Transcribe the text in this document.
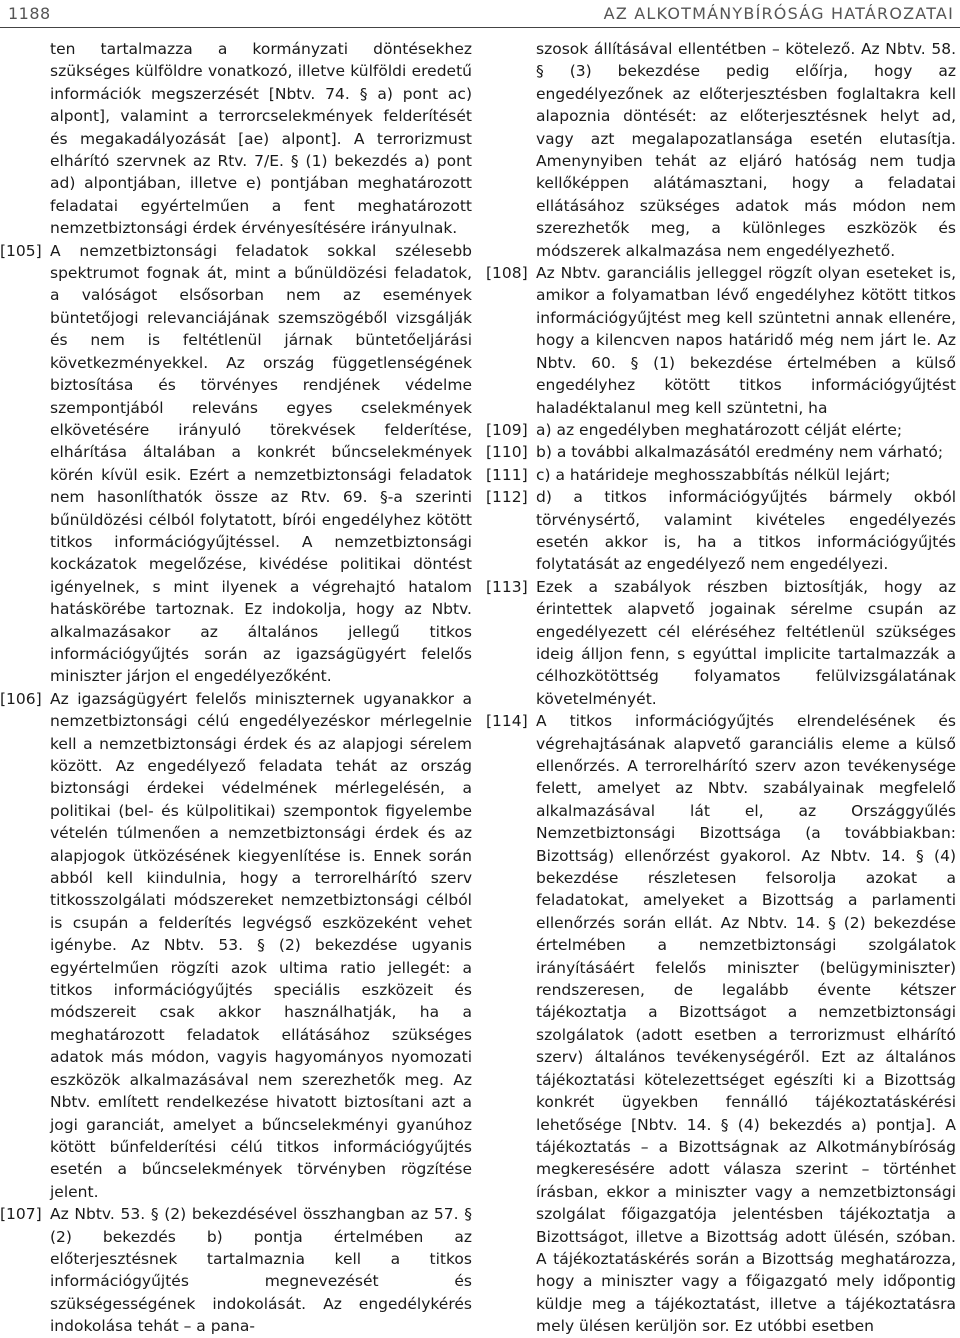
1188	AZ ALKOTMÁNYBÍRÓSÁG HATÁROZATAI

ten tartalmazza a kormányzati döntésekhez szükséges külföldre vonatkozó, illetve külföldi eredetű információk megszerzését [Nbtv. 74. § a) pont ac) alpont], valamint a terrorcselekmények felderítését és megakadályozását [ae) alpont]. A terrorizmust elhárító szervnek az Rtv. 7/E. § (1) bekezdés a) pont ad) alpontjában, illetve e) pontjában meghatározott feladatai egyértelműen a fent meghatározott nemzetbiztonsági érdek érvényesítésére irányulnak.

[105] A nemzetbiztonsági feladatok sokkal szélesebb spektrumot fognak át, mint a bűnüldözési feladatok, a valóságot elsősorban nem az események büntetőjogi relevanciájának szemszögéből vizsgálják és nem is feltétlenül járnak büntetőeljárási következményekkel. Az ország függetlenségének biztosítása és törvényes rendjének védelme szempontjából releváns egyes cselekmények elkövetésére irányuló törekvések felderítése, elhárítása általában a konkrét bűncselekmények körén kívül esik. Ezért a nemzetbiztonsági feladatok nem hasonlíthatók össze az Rtv. 69. §-a szerinti bűnüldözési célból folytatott, bírói engedélyhez kötött titkos információgyűjtéssel. A nemzetbiztonsági kockázatok megelőzése, kivédése politikai döntést igényelnek, s mint ilyenek a végrehajtó hatalom hatáskörébe tartoznak. Ez indokolja, hogy az Nbtv. alkalmazásakor az általános jellegű titkos információgyűjtés során az igazságügyért felelős miniszter járjon el engedélyezőként.

[106] Az igazságügyért felelős miniszternek ugyanakkor a nemzetbiztonsági célú engedélyezéskor mérlegelnie kell a nemzetbiztonsági érdek és az alapjogi sérelem között. Az engedélyező feladata tehát az ország biztonsági érdekei védelmének mérlegelésén, a politikai (bel- és külpolitikai) szempontok figyelembe vételén túlmenően a nemzetbiztonsági érdek és az alapjogok ütközésének kiegyenlítése is. Ennek során abból kell kiindulnia, hogy a terrorelhárító szerv titkosszolgálati módszereket nemzetbiztonsági célból is csupán a felderítés legvégső eszközeként vehet igénybe. Az Nbtv. 53. § (2) bekezdése ugyanis egyértelműen rögzíti azok ultima ratio jellegét: a titkos információgyűjtés speciális eszközeit és módszereit csak akkor használhatják, ha a meghatározott feladatok ellátásához szükséges adatok más módon, vagyis hagyományos nyomozati eszközök alkalmazásával nem szerezhetők meg. Az Nbtv. említett rendelkezése hivatott biztosítani azt a jogi garanciát, amelyet a bűncselekményi gyanúhoz kötött bűnfelderítési célú titkos információgyűjtés esetén a bűncselekmények törvényben rögzítése jelent.

[107] Az Nbtv. 53. § (2) bekezdésével összhangban az 57. § (2) bekezdés b) pontja értelmében az előterjesztésnek tartalmaznia kell a titkos információgyűjtés megnevezését és szükségességének indokolását. Az engedélykérés indokolása tehát – a pana-

szosok állításával ellentétben – kötelező. Az Nbtv. 58. § (3) bekezdése pedig előírja, hogy az engedélyezőnek az előterjesztésben foglaltakra kell alapoznia döntését: az előterjesztésnek helyt ad, vagy azt megalapozatlansága esetén elutasítja. Amenynyiben tehát az eljáró hatóság nem tudja kellőképpen alátámasztani, hogy a feladatai ellátásához szükséges adatok más módon nem szerezhetők meg, a különleges eszközök és módszerek alkalmazása nem engedélyezhető.

[108] Az Nbtv. garanciális jelleggel rögzít olyan eseteket is, amikor a folyamatban lévő engedélyhez kötött titkos információgyűjtést meg kell szüntetni annak ellenére, hogy a kilencven napos határidő még nem járt le. Az Nbtv. 60. § (1) bekezdése értelmében a külső engedélyhez kötött titkos információgyűjtést haladéktalanul meg kell szüntetni, ha

[109] a) az engedélyben meghatározott célját elérte;

[110] b) a további alkalmazásától eredmény nem várható;

[111] c) a határideje meghosszabbítás nélkül lejárt;

[112] d) a titkos információgyűjtés bármely okból törvénysértő, valamint kivételes engedélyezés esetén akkor is, ha a titkos információgyűjtés folytatását az engedélyező nem engedélyezi.

[113] Ezek a szabályok részben biztosítják, hogy az érintettek alapvető jogainak sérelme csupán az engedélyezett cél eléréséhez feltétlenül szükséges ideig álljon fenn, s egyúttal implicite tartalmazzák a célhozkötöttség folyamatos felülvizsgálatának követelményét.

[114] A titkos információgyűjtés elrendelésének és végrehajtásának alapvető garanciális eleme a külső ellenőrzés. A terrorelhárító szerv azon tevékenysége felett, amelyet az Nbtv. szabályainak megfelelő alkalmazásával lát el, az Országgyűlés Nemzetbiztonsági Bizottsága (a továbbiakban: Bizottság) ellenőrzést gyakorol. Az Nbtv. 14. § (4) bekezdése részletesen felsorolja azokat a feladatokat, amelyeket a Bizottság a parlamenti ellenőrzés során ellát. Az Nbtv. 14. § (2) bekezdése értelmében a nemzetbiztonsági szolgálatok irányításáért felelős miniszter (belügyminiszter) rendszeresen, de legalább évente kétszer tájékoztatja a Bizottságot a nemzetbiztonsági szolgálatok (adott esetben a terrorizmust elhárító szerv) általános tevékenységéről. Ezt az általános tájékoztatási kötelezettséget egészíti ki a Bizottság konkrét ügyekben fennálló tájékoztatáskérési lehetősége [Nbtv. 14. § (4) bekezdés a) pontja]. A tájékoztatás – a Bizottságnak az Alkotmánybíróság megkeresésére adott válasza szerint – történhet írásban, ekkor a miniszter vagy a nemzetbiztonsági szolgálat főigazgatója jelentésben tájékoztatja a Bizottságot, illetve a Bizottság adott ülésén, szóban. A tájékoztatáskérés során a Bizottság meghatározza, hogy a miniszter vagy a főigazgató mely időpontig küldje meg a tájékoztatást, illetve a tájékoztatásra mely ülésen kerüljön sor. Ez utóbbi esetben
